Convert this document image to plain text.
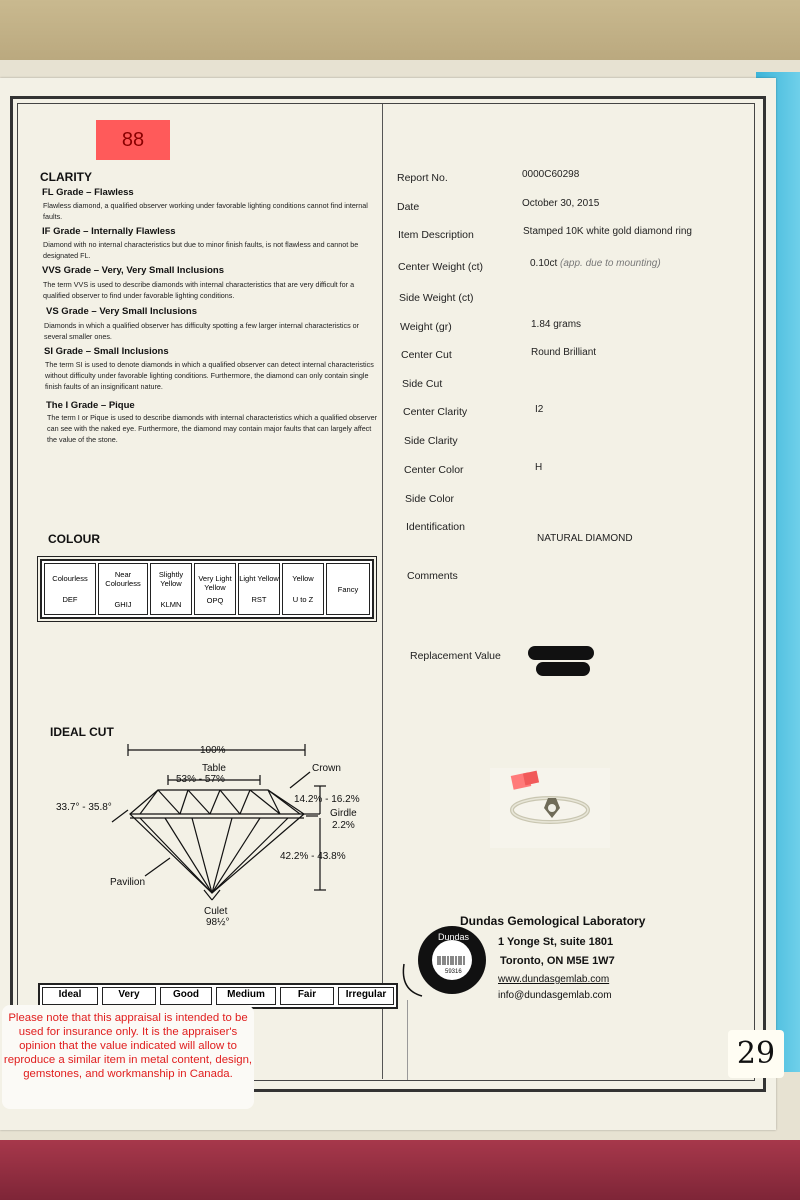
88
CLARITY
FL Grade – Flawless
Flawless diamond, a qualified observer working under favorable lighting conditions cannot find internal faults.
IF Grade – Internally Flawless
Diamond with no internal characteristics but due to minor finish faults, is not flawless and cannot be designated FL.
VVS Grade – Very, Very Small Inclusions
The term VVS is used to describe diamonds with internal characteristics that are very difficult for a qualified observer to find under favorable lighting conditions.
VS Grade – Very Small Inclusions
Diamonds in which a qualified observer has difficulty spotting a few larger internal characteristics or several smaller ones.
SI Grade – Small Inclusions
The term SI is used to denote diamonds in which a qualified observer can detect internal characteristics without difficulty under favorable lighting conditions. Furthermore, the diamond can only contain single finish faults of an insignificant nature.
The I Grade – Pique
The term I or Pique is used to describe diamonds with internal characteristics which a qualified observer can see with the naked eye. Furthermore, the diamond may contain major faults that can largely affect the value of the stone.
COLOUR
Colourless
DEF

Near Colourless
GHIJ

Slightly Yellow
KLMN

Very Light Yellow
OPQ

Light Yellow
RST

Yellow
U to Z

Fancy
IDEAL CUT
100%
Table
53% - 57%
Crown
33.7° - 35.8°
14.2% - 16.2%
Girdle
2.2%
42.2% - 43.8%
Pavilion
Culet
98½°
Ideal	Very	Good	Medium	Fair	Irregular
Report No.	0000C60298
Date	October 30, 2015
Item Description	Stamped 10K white gold diamond ring
Center Weight (ct)	0.10ct (app. due to mounting)
Side Weight (ct)
Weight (gr)	1.84 grams
Center Cut	Round Brilliant
Side Cut
Center Clarity	I2
Side Clarity
Center Color	H
Side Color
Identification
NATURAL DIAMOND
Comments
Replacement Value
Dundas
59316
Dundas Gemological Laboratory
1 Yonge St, suite 1801
Toronto, ON M5E 1W7
www.dundasgemlab.com
info@dundasgemlab.com
Please note that this appraisal is intended to be used for insurance only. It is the appraiser's opinion that the value indicated will allow to reproduce a similar item in metal content, design, gemstones, and workmanship in Canada.
29
